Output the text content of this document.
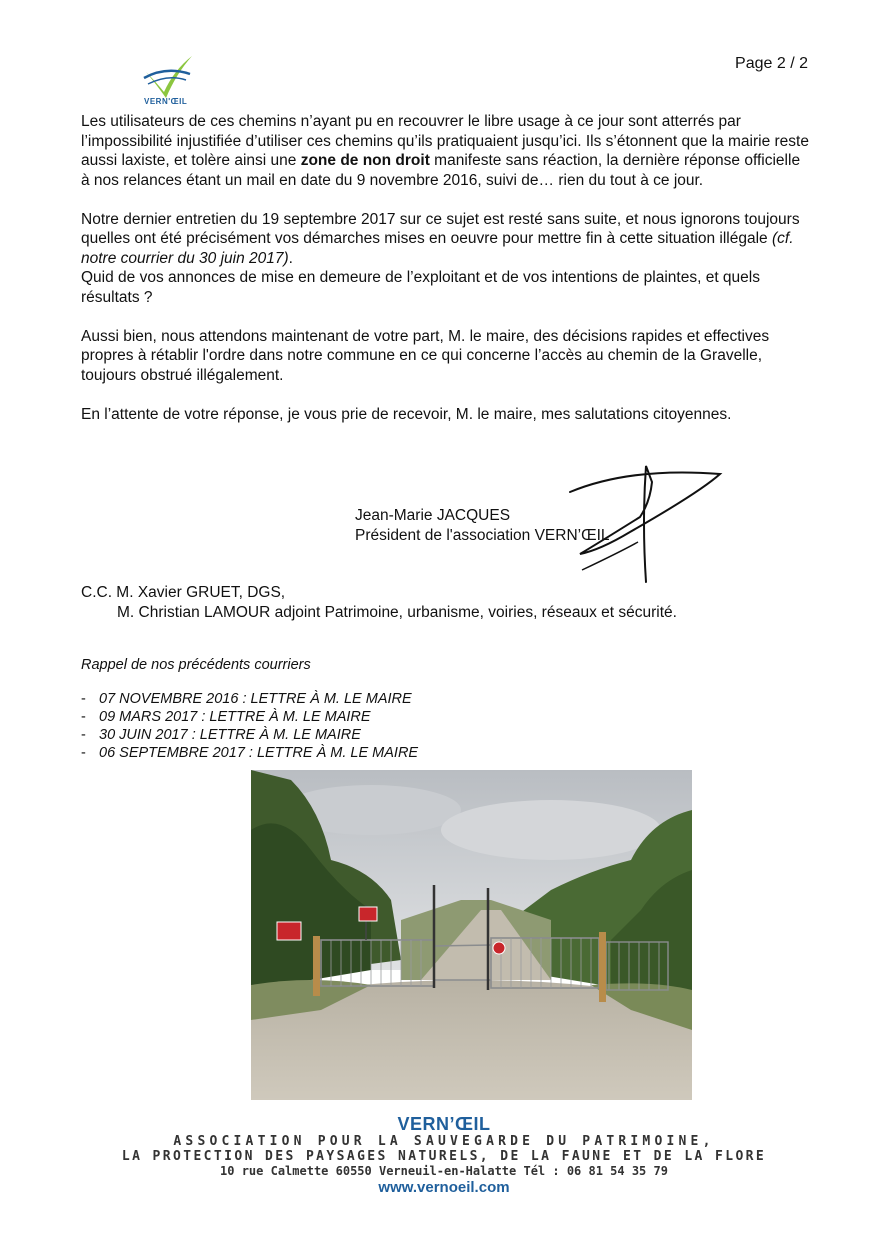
Page 2 / 2
VERN'ŒIL

Les utilisateurs de ces chemins n’ayant pu en recouvrer le libre usage à ce jour sont atterrés par l’impossibilité injustifiée d’utiliser ces chemins qu’ils pratiquaient jusqu’ici. Ils s’étonnent que la mairie reste aussi laxiste, et tolère ainsi une zone de non droit manifeste sans réaction, la dernière réponse officielle à nos relances étant un mail en date du 9 novembre 2016, suivi de… rien du tout à ce jour.

Notre dernier entretien du 19 septembre 2017 sur ce sujet est resté sans suite, et nous ignorons toujours quelles ont été précisément vos démarches mises en oeuvre pour mettre fin à cette situation illégale (cf. notre courrier du 30 juin 2017).

Quid de vos annonces de mise en demeure de l’exploitant et de vos intentions de plaintes, et quels résultats ?

Aussi bien, nous attendons maintenant de votre part, M. le maire, des décisions rapides et effectives propres à rétablir l'ordre dans notre commune en ce qui concerne l’accès au chemin de la Gravelle, toujours obstrué illégalement.

En l’attente de votre réponse, je vous prie de recevoir, M. le maire, mes salutations citoyennes.

Jean-Marie JACQUES
Président de l'association VERN’ŒIL
C.C. M. Xavier GRUET, DGS,
M. Christian LAMOUR adjoint Patrimoine, urbanisme, voiries, réseaux et sécurité.
Rappel de nos précédents courriers
- 07 NOVEMBRE 2016 : LETTRE À M. LE MAIRE
- 09 MARS 2017 : LETTRE À M. LE MAIRE
- 30 JUIN 2017 : LETTRE À M. LE MAIRE
- 06 SEPTEMBRE 2017 : LETTRE À M. LE MAIRE
VERN’ŒIL
ASSOCIATION POUR LA SAUVEGARDE DU PATRIMOINE,
LA PROTECTION DES PAYSAGES NATURELS, DE LA FAUNE ET DE LA FLORE
10 rue Calmette 60550 Verneuil-en-Halatte Tél : 06 81 54 35 79
www.vernoeil.com
